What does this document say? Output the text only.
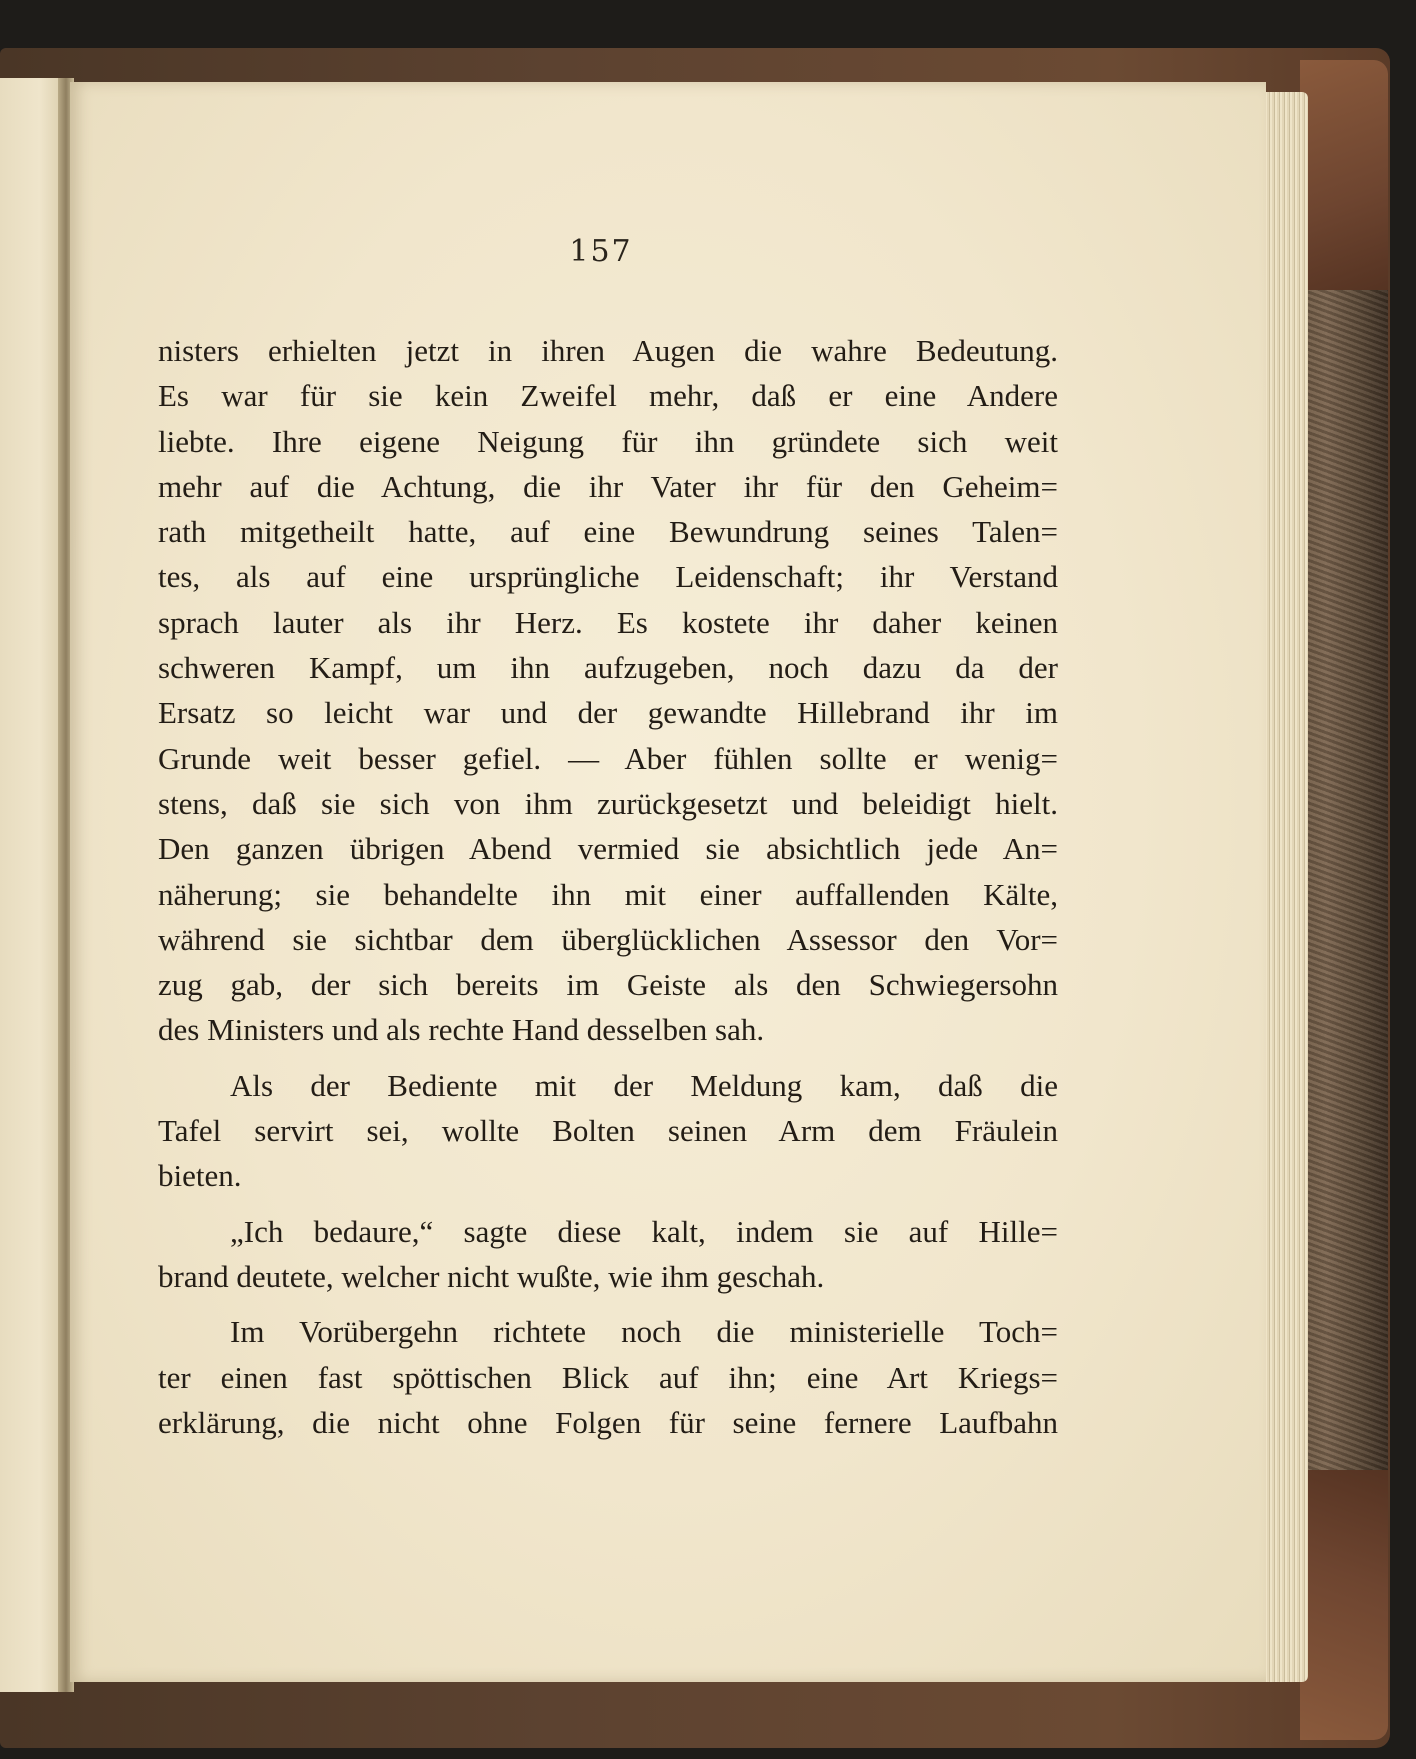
157

nisters erhielten jetzt in ihren Augen die wahre Bedeutung.
Es war für sie kein Zweifel mehr, daß er eine Andere
liebte. Ihre eigene Neigung für ihn gründete sich weit
mehr auf die Achtung, die ihr Vater ihr für den Geheim=
rath mitgetheilt hatte, auf eine Bewundrung seines Talen=
tes, als auf eine ursprüngliche Leidenschaft; ihr Verstand
sprach lauter als ihr Herz. Es kostete ihr daher keinen
schweren Kampf, um ihn aufzugeben, noch dazu da der
Ersatz so leicht war und der gewandte Hillebrand ihr im
Grunde weit besser gefiel. — Aber fühlen sollte er wenig=
stens, daß sie sich von ihm zurückgesetzt und beleidigt hielt.
Den ganzen übrigen Abend vermied sie absichtlich jede An=
näherung; sie behandelte ihn mit einer auffallenden Kälte,
während sie sichtbar dem überglücklichen Assessor den Vor=
zug gab, der sich bereits im Geiste als den Schwiegersohn
des Ministers und als rechte Hand desselben sah.
Als der Bediente mit der Meldung kam, daß die
Tafel servirt sei, wollte Bolten seinen Arm dem Fräulein
bieten.
„Ich bedaure,“ sagte diese kalt, indem sie auf Hille=
brand deutete, welcher nicht wußte, wie ihm geschah.
Im Vorübergehn richtete noch die ministerielle Toch=
ter einen fast spöttischen Blick auf ihn; eine Art Kriegs=
erklärung, die nicht ohne Folgen für seine fernere Laufbahn
